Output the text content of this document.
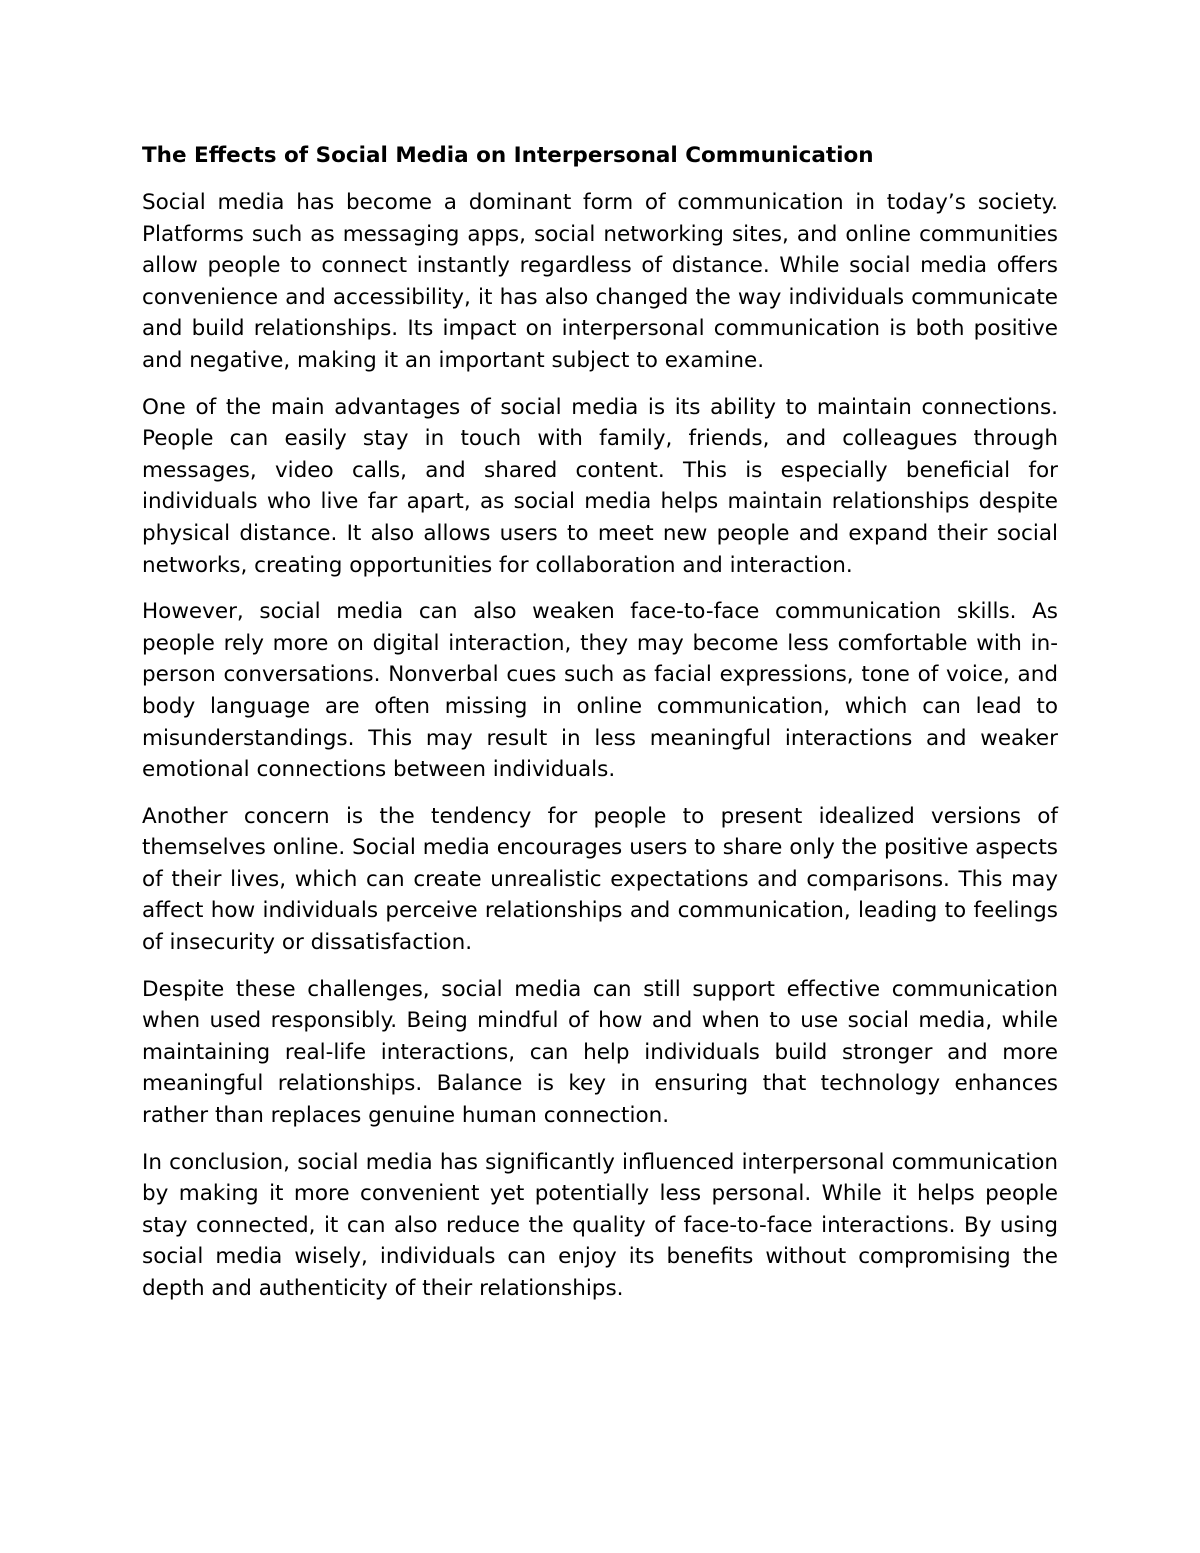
The Effects of Social Media on Interpersonal Communication

Social media has become a dominant form of communication in today’s society. Platforms such as messaging apps, social networking sites, and online communities allow people to connect instantly regardless of distance. While social media offers convenience and accessibility, it has also changed the way individuals communicate and build relationships. Its impact on interpersonal communication is both positive and negative, making it an important subject to examine.

One of the main advantages of social media is its ability to maintain connections. People can easily stay in touch with family, friends, and colleagues through messages, video calls, and shared content. This is especially beneficial for individuals who live far apart, as social media helps maintain relationships despite physical distance. It also allows users to meet new people and expand their social networks, creating opportunities for collaboration and interaction.

However, social media can also weaken face-to-face communication skills. As people rely more on digital interaction, they may become less comfortable with in-person conversations. Nonverbal cues such as facial expressions, tone of voice, and body language are often missing in online communication, which can lead to misunderstandings. This may result in less meaningful interactions and weaker emotional connections between individuals.

Another concern is the tendency for people to present idealized versions of themselves online. Social media encourages users to share only the positive aspects of their lives, which can create unrealistic expectations and comparisons. This may affect how individuals perceive relationships and communication, leading to feelings of insecurity or dissatisfaction.

Despite these challenges, social media can still support effective communication when used responsibly. Being mindful of how and when to use social media, while maintaining real-life interactions, can help individuals build stronger and more meaningful relationships. Balance is key in ensuring that technology enhances rather than replaces genuine human connection.

In conclusion, social media has significantly influenced interpersonal communication by making it more convenient yet potentially less personal. While it helps people stay connected, it can also reduce the quality of face-to-face interactions. By using social media wisely, individuals can enjoy its benefits without compromising the depth and authenticity of their relationships.
